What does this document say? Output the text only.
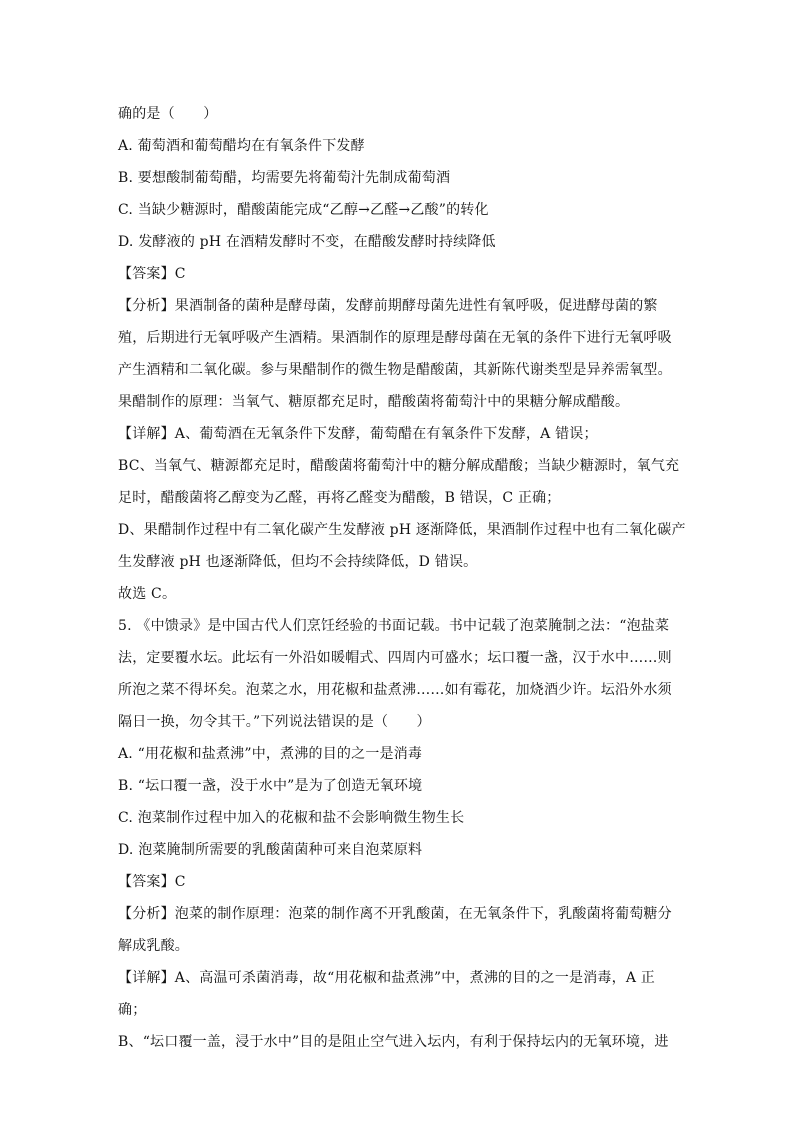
确的是（　　）
A. 葡萄酒和葡萄醋均在有氧条件下发酵
B. 要想酸制葡萄醋，均需要先将葡萄汁先制成葡萄酒
C. 当缺少糖源时，醋酸菌能完成“乙醇→乙醛→乙酸”的转化
D. 发酵液的 pH 在酒精发酵时不变，在醋酸发酵时持续降低
【答案】C
【分析】果酒制备的菌种是酵母菌，发酵前期酵母菌先进性有氧呼吸，促进酵母菌的繁
殖，后期进行无氧呼吸产生酒精。果酒制作的原理是酵母菌在无氧的条件下进行无氧呼吸
产生酒精和二氧化碳。参与果醋制作的微生物是醋酸菌，其新陈代谢类型是异养需氧型。
果醋制作的原理：当氧气、糖原都充足时，醋酸菌将葡萄汁中的果糖分解成醋酸。
【详解】A、葡萄酒在无氧条件下发酵，葡萄醋在有氧条件下发酵，A 错误；
BC、当氧气、糖源都充足时，醋酸菌将葡萄汁中的糖分解成醋酸；当缺少糖源时，氧气充
足时，醋酸菌将乙醇变为乙醛，再将乙醛变为醋酸，B 错误，C 正确；
D、果醋制作过程中有二氧化碳产生发酵液 pH 逐渐降低，果酒制作过程中也有二氧化碳产
生发酵液 pH 也逐渐降低，但均不会持续降低，D 错误。
故选 C。
5. 《中馈录》是中国古代人们烹饪经验的书面记载。书中记载了泡菜腌制之法：“泡盐菜
法，定要覆水坛。此坛有一外沿如暖帽式、四周内可盛水；坛口覆一盏，汉于水中……则
所泡之菜不得坏矣。泡菜之水，用花椒和盐煮沸……如有霉花，加烧酒少许。坛沿外水须
隔日一换，勿令其干。”下列说法错误的是（　　）
A. “用花椒和盐煮沸”中，煮沸的目的之一是消毒
B. “坛口覆一盏，没于水中”是为了创造无氧环境
C. 泡菜制作过程中加入的花椒和盐不会影响微生物生长
D. 泡菜腌制所需要的乳酸菌菌种可来自泡菜原料
【答案】C
【分析】泡菜的制作原理：泡菜的制作离不开乳酸菌，在无氧条件下，乳酸菌将葡萄糖分
解成乳酸。
【详解】A、高温可杀菌消毒，故“用花椒和盐煮沸”中，煮沸的目的之一是消毒，A 正
确；
B、“坛口覆一盖，浸于水中”目的是阻止空气进入坛内，有利于保持坛内的无氧环境，进
